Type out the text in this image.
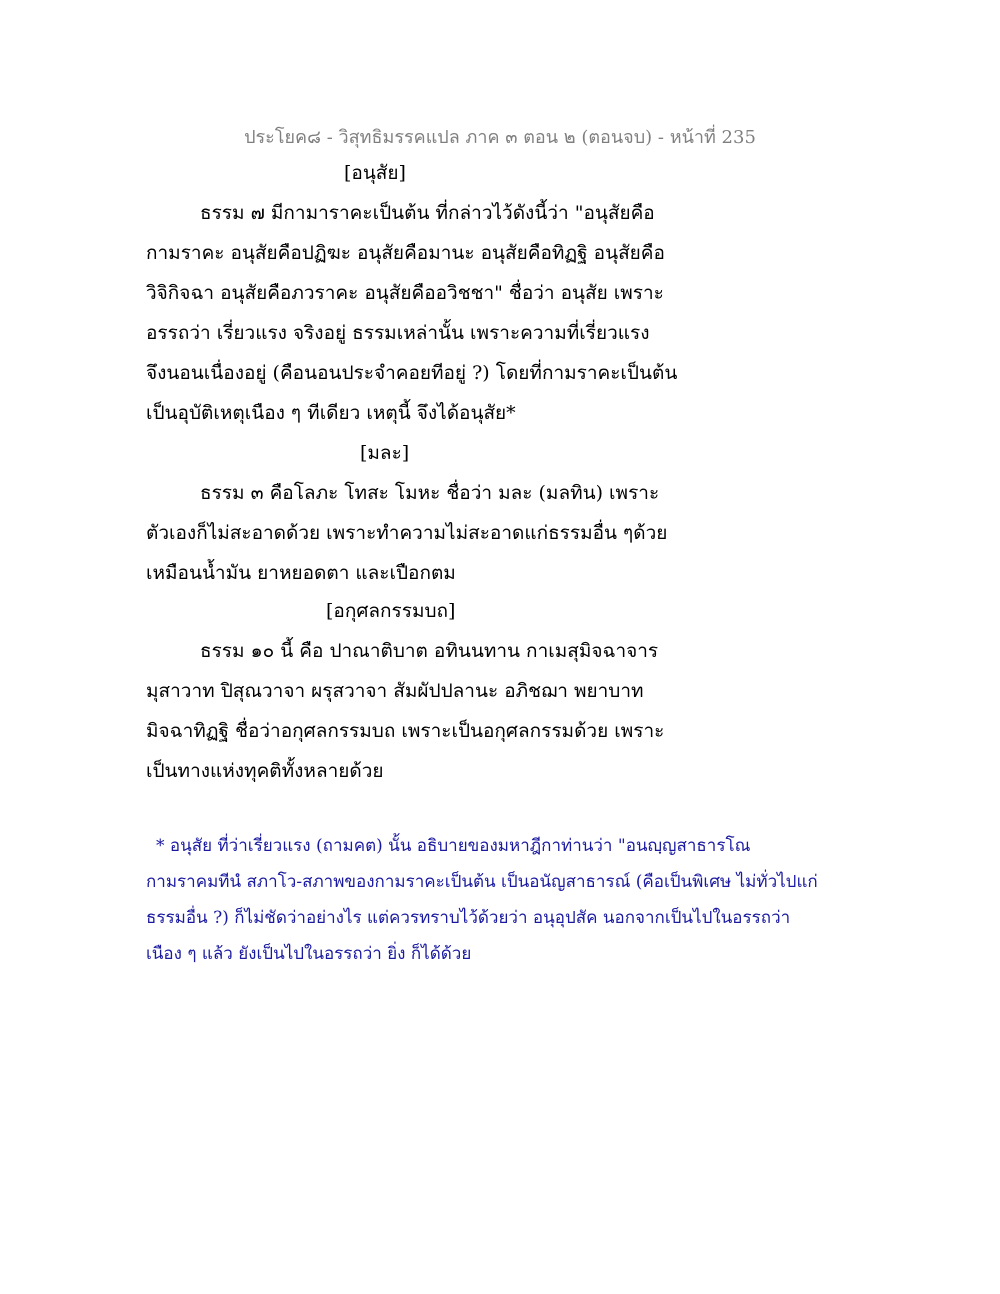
ประโยค๘ - วิสุทธิมรรคแปล ภาค ๓ ตอน ๒ (ตอนจบ) - หน้าที่ 235
[อนุสัย]
ธรรม ๗ มีกามาราคะเป็นต้น ที่กล่าวไว้ดังนี้ว่า "อนุสัยคือ
กามราคะ อนุสัยคือปฏิฆะ อนุสัยคือมานะ อนุสัยคือทิฏฐิ อนุสัยคือ
วิจิกิจฉา อนุสัยคือภวราคะ อนุสัยคืออวิชชา" ชื่อว่า อนุสัย เพราะ
อรรถว่า เรี่ยวแรง จริงอยู่ ธรรมเหล่านั้น เพราะความที่เรี่ยวแรง
จึงนอนเนื่องอยู่ (คือนอนประจำคอยทีอยู่ ?) โดยที่กามราคะเป็นต้น
เป็นอุบัติเหตุเนือง ๆ ทีเดียว เหตุนี้ จึงได้อนุสัย*
[มละ]
ธรรม ๓ คือโลภะ โทสะ โมหะ ชื่อว่า มละ (มลทิน) เพราะ
ตัวเองก็ไม่สะอาดด้วย เพราะทำความไม่สะอาดแก่ธรรมอื่น ๆด้วย
เหมือนน้ำมัน ยาหยอดตา และเปือกตม
[อกุศลกรรมบถ]
ธรรม ๑๐ นี้ คือ ปาณาติบาต อทินนทาน กาเมสุมิจฉาจาร
มุสาวาท ปิสุณวาจา ผรุสวาจา สัมผัปปลานะ อภิชฌา พยาบาท
มิจฉาทิฏฐิ ชื่อว่าอกุศลกรรมบถ เพราะเป็นอกุศลกรรมด้วย เพราะ
เป็นทางแห่งทุคติทั้งหลายด้วย
* อนุสัย ที่ว่าเรี่ยวแรง (ถามคต) นั้น อธิบายของมหาฎีกาท่านว่า "อนญฺญสาธารโณ
กามราคมทีนํ สภาโว-สภาพของกามราคะเป็นต้น เป็นอนัญสาธารณ์ (คือเป็นพิเศษ ไม่ทั่วไปแก่
ธรรมอื่น ?) ก็ไม่ชัดว่าอย่างไร แต่ควรทราบไว้ด้วยว่า อนุอุปสัค นอกจากเป็นไปในอรรถว่า
เนือง ๆ แล้ว ยังเป็นไปในอรรถว่า ยิ่ง ก็ได้ด้วย
